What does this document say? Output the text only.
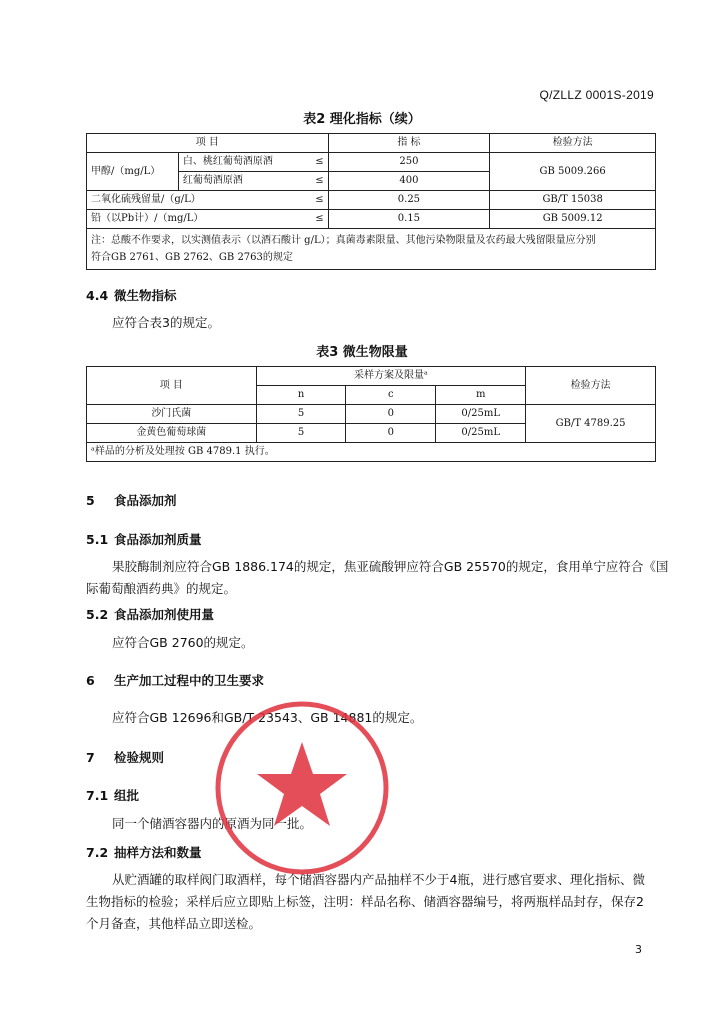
Q/ZLLZ 0001S-2019
表2 理化指标（续）
项 目		指 标	检验方法
甲醇/（mg/L）	白、桃红葡萄酒原酒 ≤	250	GB 5009.266
	红葡萄酒原酒 ≤	400	
二氧化硫残留量/（g/L） ≤		0.25	GB/T 15038
铅（以Pb计）/（mg/L） ≤		0.15	GB 5009.12

注：总酸不作要求，以实测值表示（以酒石酸计 g/L）；真菌毒素限量、其他污染物限量及农药最大残留限量应分别
符合GB 2761、GB 2762、GB 2763的规定			
4.4 微生物指标
应符合表3的规定。
表3 微生物限量
项 目	采样方案及限量ᵃ			检验方法
	n	c	m	
沙门氏菌	5	0	0/25mL	GB/T 4789.25
金黄色葡萄球菌	5	0	0/25mL	
ᵃ样品的分析及处理按 GB 4789.1 执行。				
5 食品添加剂
5.1 食品添加剂质量
果胶酶制剂应符合GB 1886.174的规定，焦亚硫酸钾应符合GB 25570的规定，食用单宁应符合《国
际葡萄酿酒药典》的规定。
5.2 食品添加剂使用量
应符合GB 2760的规定。
6 生产加工过程中的卫生要求
应符合GB 12696和GB/T 23543、GB 14881的规定。
7 检验规则
7.1 组批
同一个储酒容器内的原酒为同一批。
7.2 抽样方法和数量
从贮酒罐的取样阀门取酒样，每个储酒容器内产品抽样不少于4瓶，进行感官要求、理化指标、微
生物指标的检验；采样后应立即贴上标签，注明：样品名称、储酒容器编号，将两瓶样品封存，保存2
个月备查，其他样品立即送检。
3
